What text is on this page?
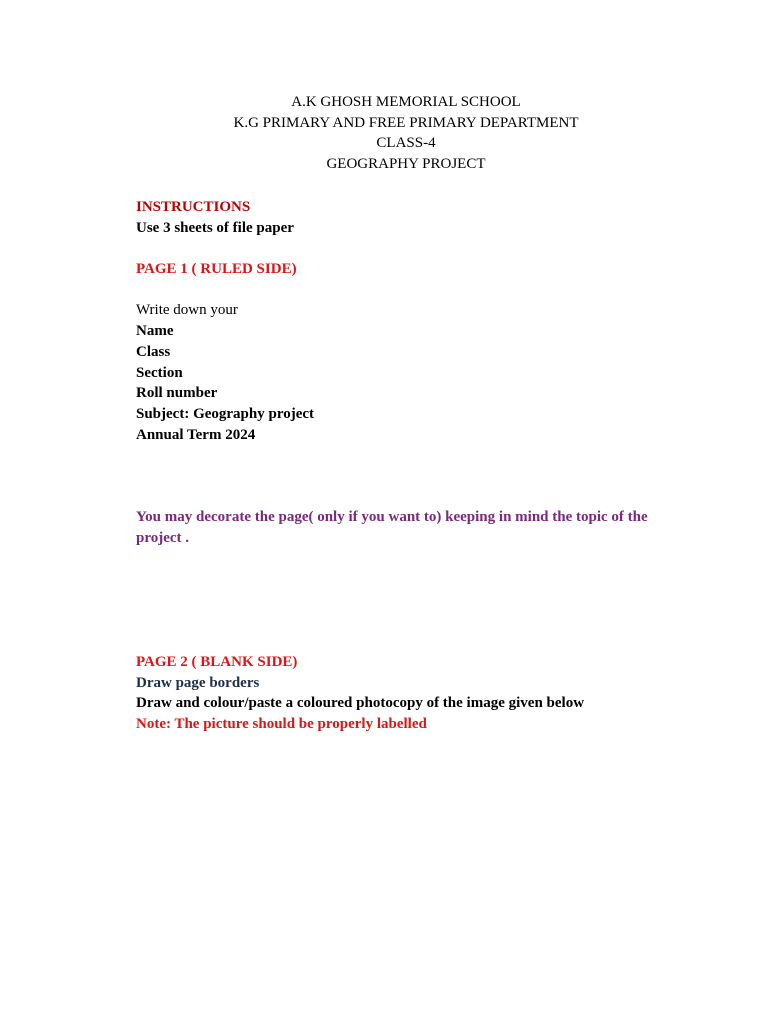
A.K GHOSH MEMORIAL SCHOOL
K.G PRIMARY AND FREE PRIMARY DEPARTMENT
CLASS-4
GEOGRAPHY PROJECT
INSTRUCTIONS
Use 3 sheets of file paper
PAGE 1 ( RULED SIDE)
Write down your
Name
Class
Section
Roll number
Subject: Geography project
Annual Term 2024
You may decorate the page( only if you want to) keeping in mind the topic of the project .
PAGE 2 ( BLANK SIDE)
Draw page borders
Draw and colour/paste a coloured photocopy of the image given below
Note: The picture should be properly labelled
